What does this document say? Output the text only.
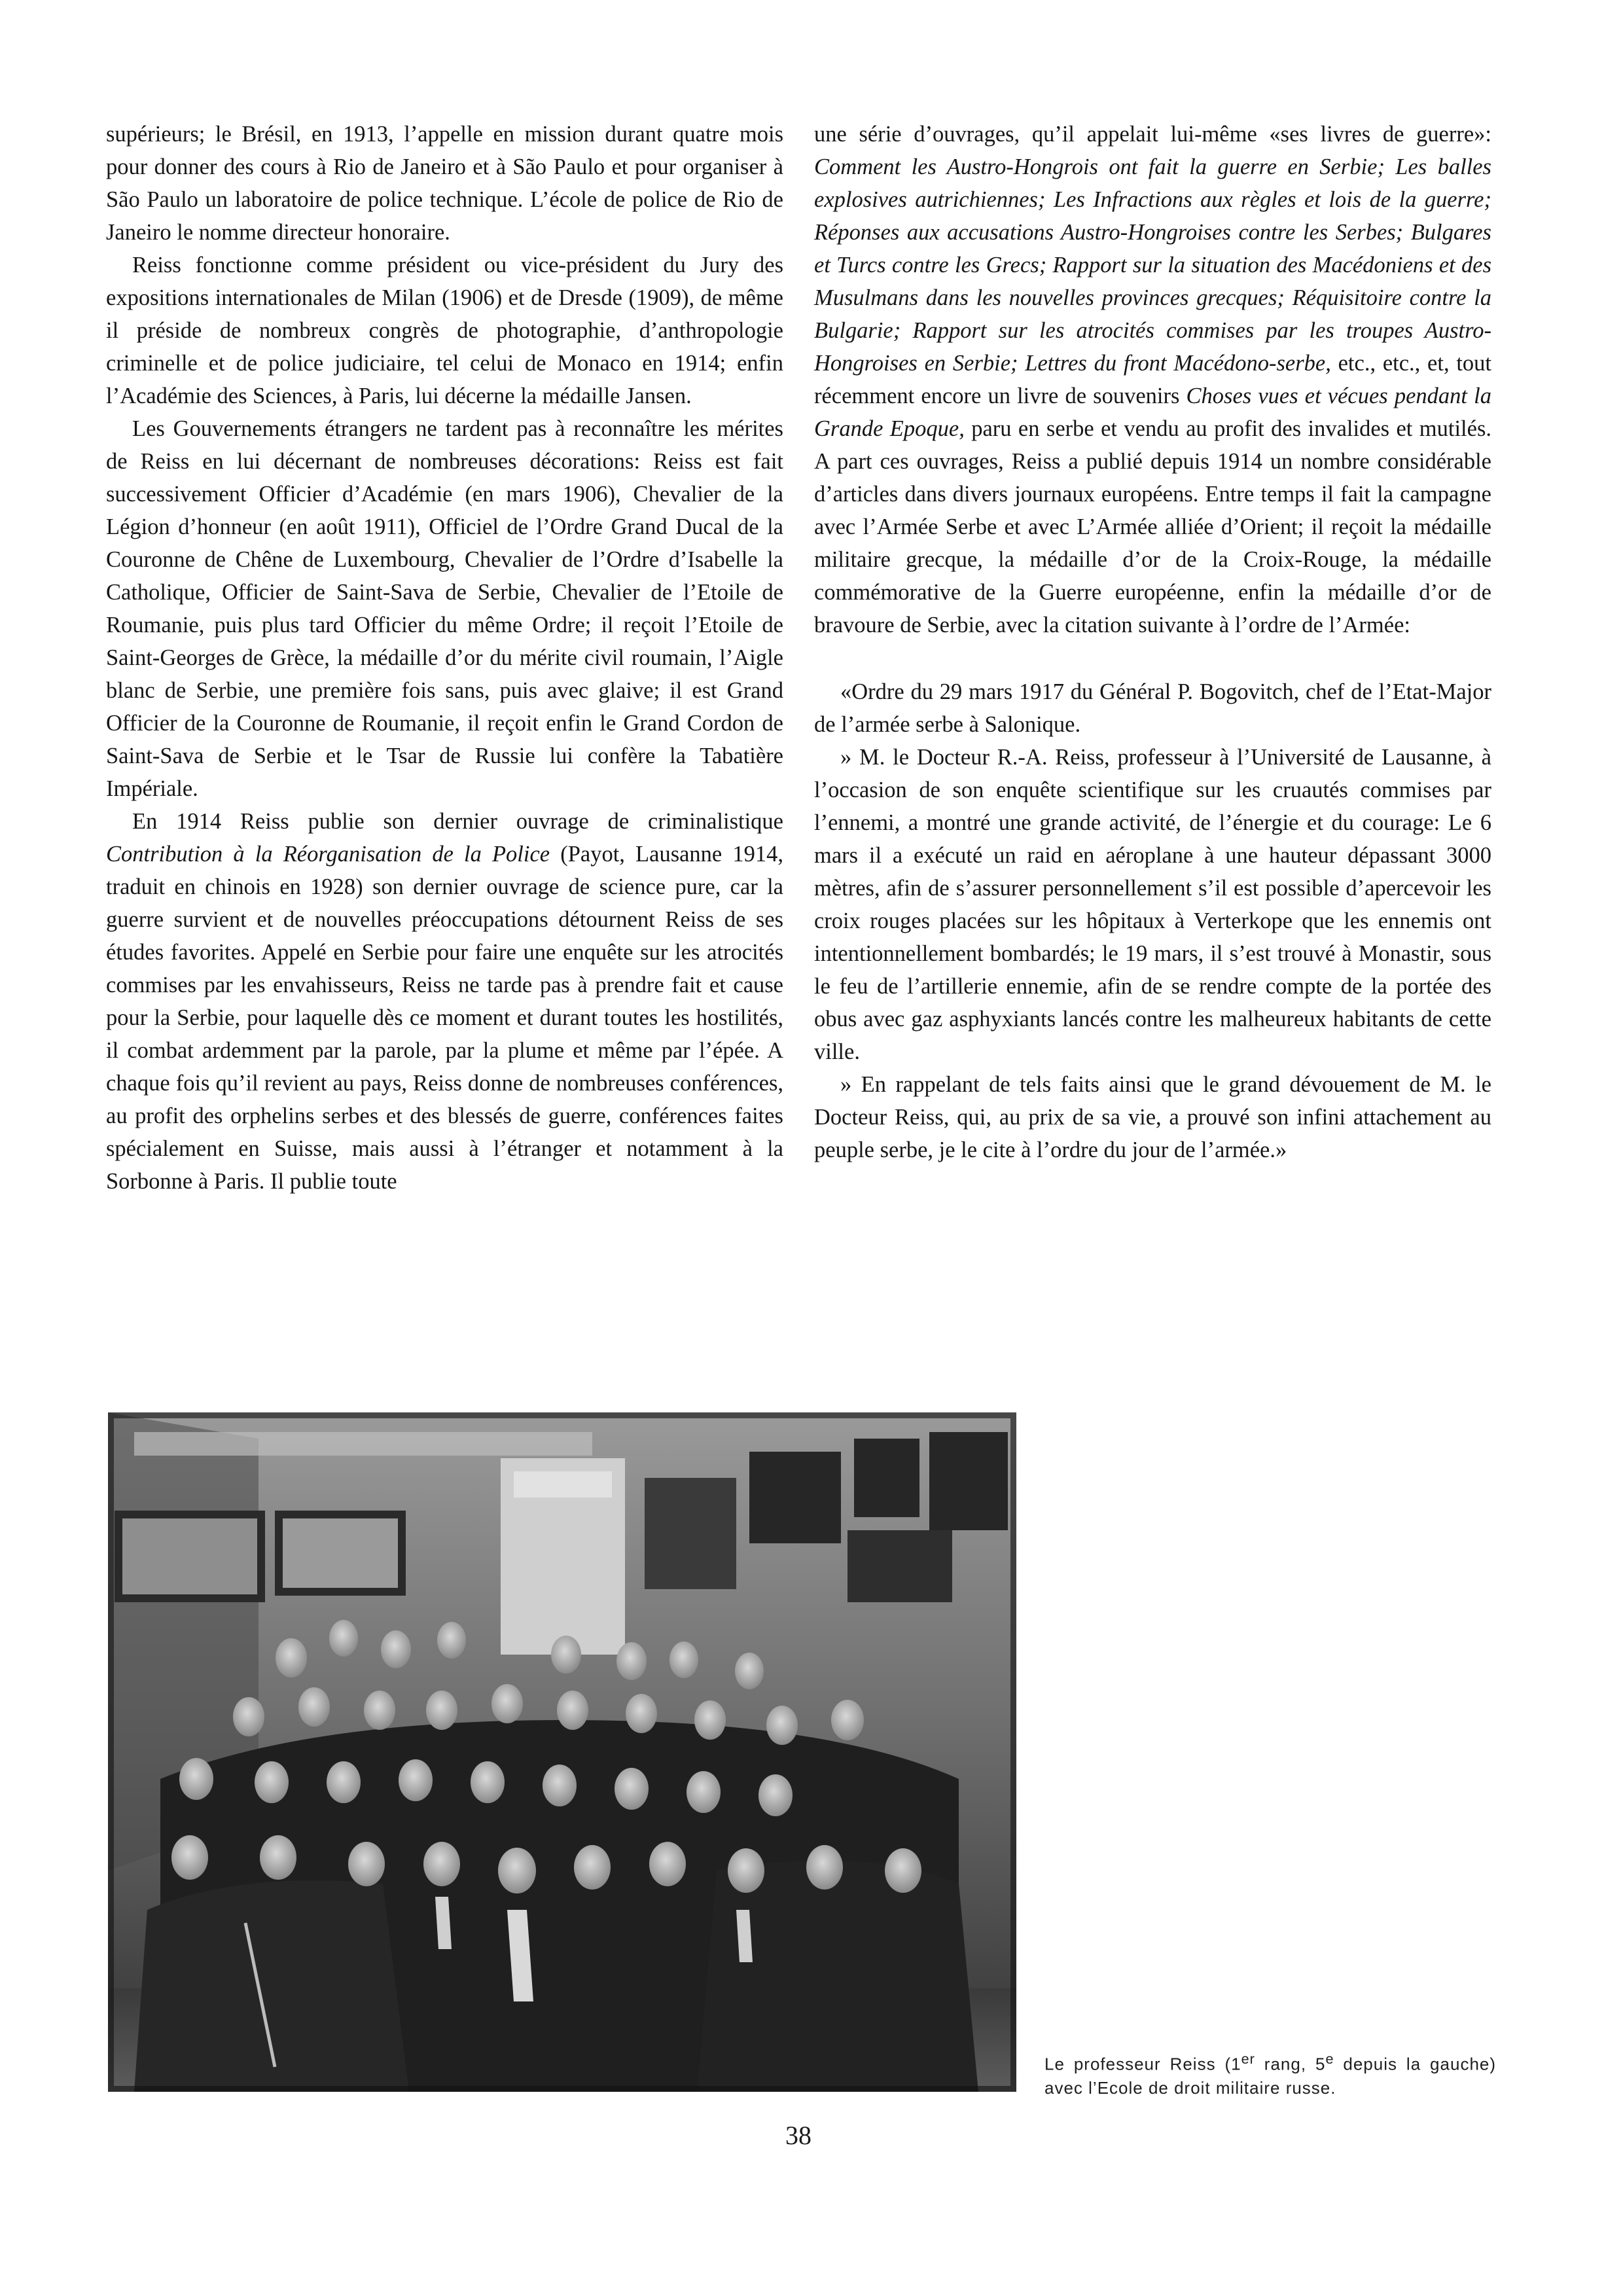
supérieurs; le Brésil, en 1913, l’appelle en mission durant quatre mois pour donner des cours à Rio de Janeiro et à São Paulo et pour organiser à São Paulo un laboratoire de police technique. L’école de police de Rio de Janeiro le nomme directeur honoraire.

Reiss fonctionne comme président ou vice-président du Jury des expositions internationales de Milan (1906) et de Dresde (1909), de même il préside de nombreux congrès de photographie, d’anthropologie criminelle et de police judiciaire, tel celui de Monaco en 1914; enfin l’Académie des Sciences, à Paris, lui décerne la médaille Jansen.

Les Gouvernements étrangers ne tardent pas à reconnaître les mérites de Reiss en lui décernant de nombreuses décorations: Reiss est fait successivement Officier d’Académie (en mars 1906), Chevalier de la Légion d’honneur (en août 1911), Officiel de l’Ordre Grand Ducal de la Couronne de Chêne de Luxembourg, Chevalier de l’Ordre d’Isabelle la Catholique, Officier de Saint-Sava de Serbie, Chevalier de l’Etoile de Roumanie, puis plus tard Officier du même Ordre; il reçoit l’Etoile de Saint-Georges de Grèce, la médaille d’or du mérite civil roumain, l’Aigle blanc de Serbie, une première fois sans, puis avec glaive; il est Grand Officier de la Couronne de Roumanie, il reçoit enfin le Grand Cordon de Saint-Sava de Serbie et le Tsar de Russie lui confère la Tabatière Impériale.

En 1914 Reiss publie son dernier ouvrage de criminalistique Contribution à la Réorganisation de la Police (Payot, Lausanne 1914, traduit en chinois en 1928) son dernier ouvrage de science pure, car la guerre survient et de nouvelles préoccupations détournent Reiss de ses études favorites. Appelé en Serbie pour faire une enquête sur les atrocités commises par les envahisseurs, Reiss ne tarde pas à prendre fait et cause pour la Serbie, pour laquelle dès ce moment et durant toutes les hostilités, il combat ardemment par la parole, par la plume et même par l’épée. A chaque fois qu’il revient au pays, Reiss donne de nombreuses conférences, au profit des orphelins serbes et des blessés de guerre, conférences faites spécialement en Suisse, mais aussi à l’étranger et notamment à la Sorbonne à Paris. Il publie toute

une série d’ouvrages, qu’il appelait lui-même «ses livres de guerre»: Comment les Austro-Hongrois ont fait la guerre en Serbie; Les balles explosives autrichiennes; Les Infractions aux règles et lois de la guerre; Réponses aux accusations Austro-Hongroises contre les Serbes; Bulgares et Turcs contre les Grecs; Rapport sur la situation des Macédoniens et des Musulmans dans les nouvelles provinces grecques; Réquisitoire contre la Bulgarie; Rapport sur les atrocités commises par les troupes Austro-Hongroises en Serbie; Lettres du front Macédono-serbe, etc., etc., et, tout récemment encore un livre de souvenirs Choses vues et vécues pendant la Grande Epoque, paru en serbe et vendu au profit des invalides et mutilés. A part ces ouvrages, Reiss a publié depuis 1914 un nombre considérable d’articles dans divers journaux européens. Entre temps il fait la campagne avec l’Armée Serbe et avec L’Armée alliée d’Orient; il reçoit la médaille militaire grecque, la médaille d’or de la Croix-Rouge, la médaille commémorative de la Guerre européenne, enfin la médaille d’or de bravoure de Serbie, avec la citation suivante à l’ordre de l’Armée:

«Ordre du 29 mars 1917 du Général P. Bogovitch, chef de l’Etat-Major de l’armée serbe à Salonique.

» M. le Docteur R.-A. Reiss, professeur à l’Université de Lausanne, à l’occasion de son enquête scientifique sur les cruautés commises par l’ennemi, a montré une grande activité, de l’énergie et du courage: Le 6 mars il a exécuté un raid en aéroplane à une hauteur dépassant 3000 mètres, afin de s’assurer personnellement s’il est possible d’apercevoir les croix rouges placées sur les hôpitaux à Verterkope que les ennemis ont intentionnellement bombardés; le 19 mars, il s’est trouvé à Monastir, sous le feu de l’artillerie ennemie, afin de se rendre compte de la portée des obus avec gaz asphyxiants lancés contre les malheureux habitants de cette ville.

» En rappelant de tels faits ainsi que le grand dévouement de M. le Docteur Reiss, qui, au prix de sa vie, a prouvé son infini attachement au peuple serbe, je le cite à l’ordre du jour de l’armée.»

Le professeur Reiss (1er rang, 5e depuis la gauche) avec l’Ecole de droit militaire russe.
38
